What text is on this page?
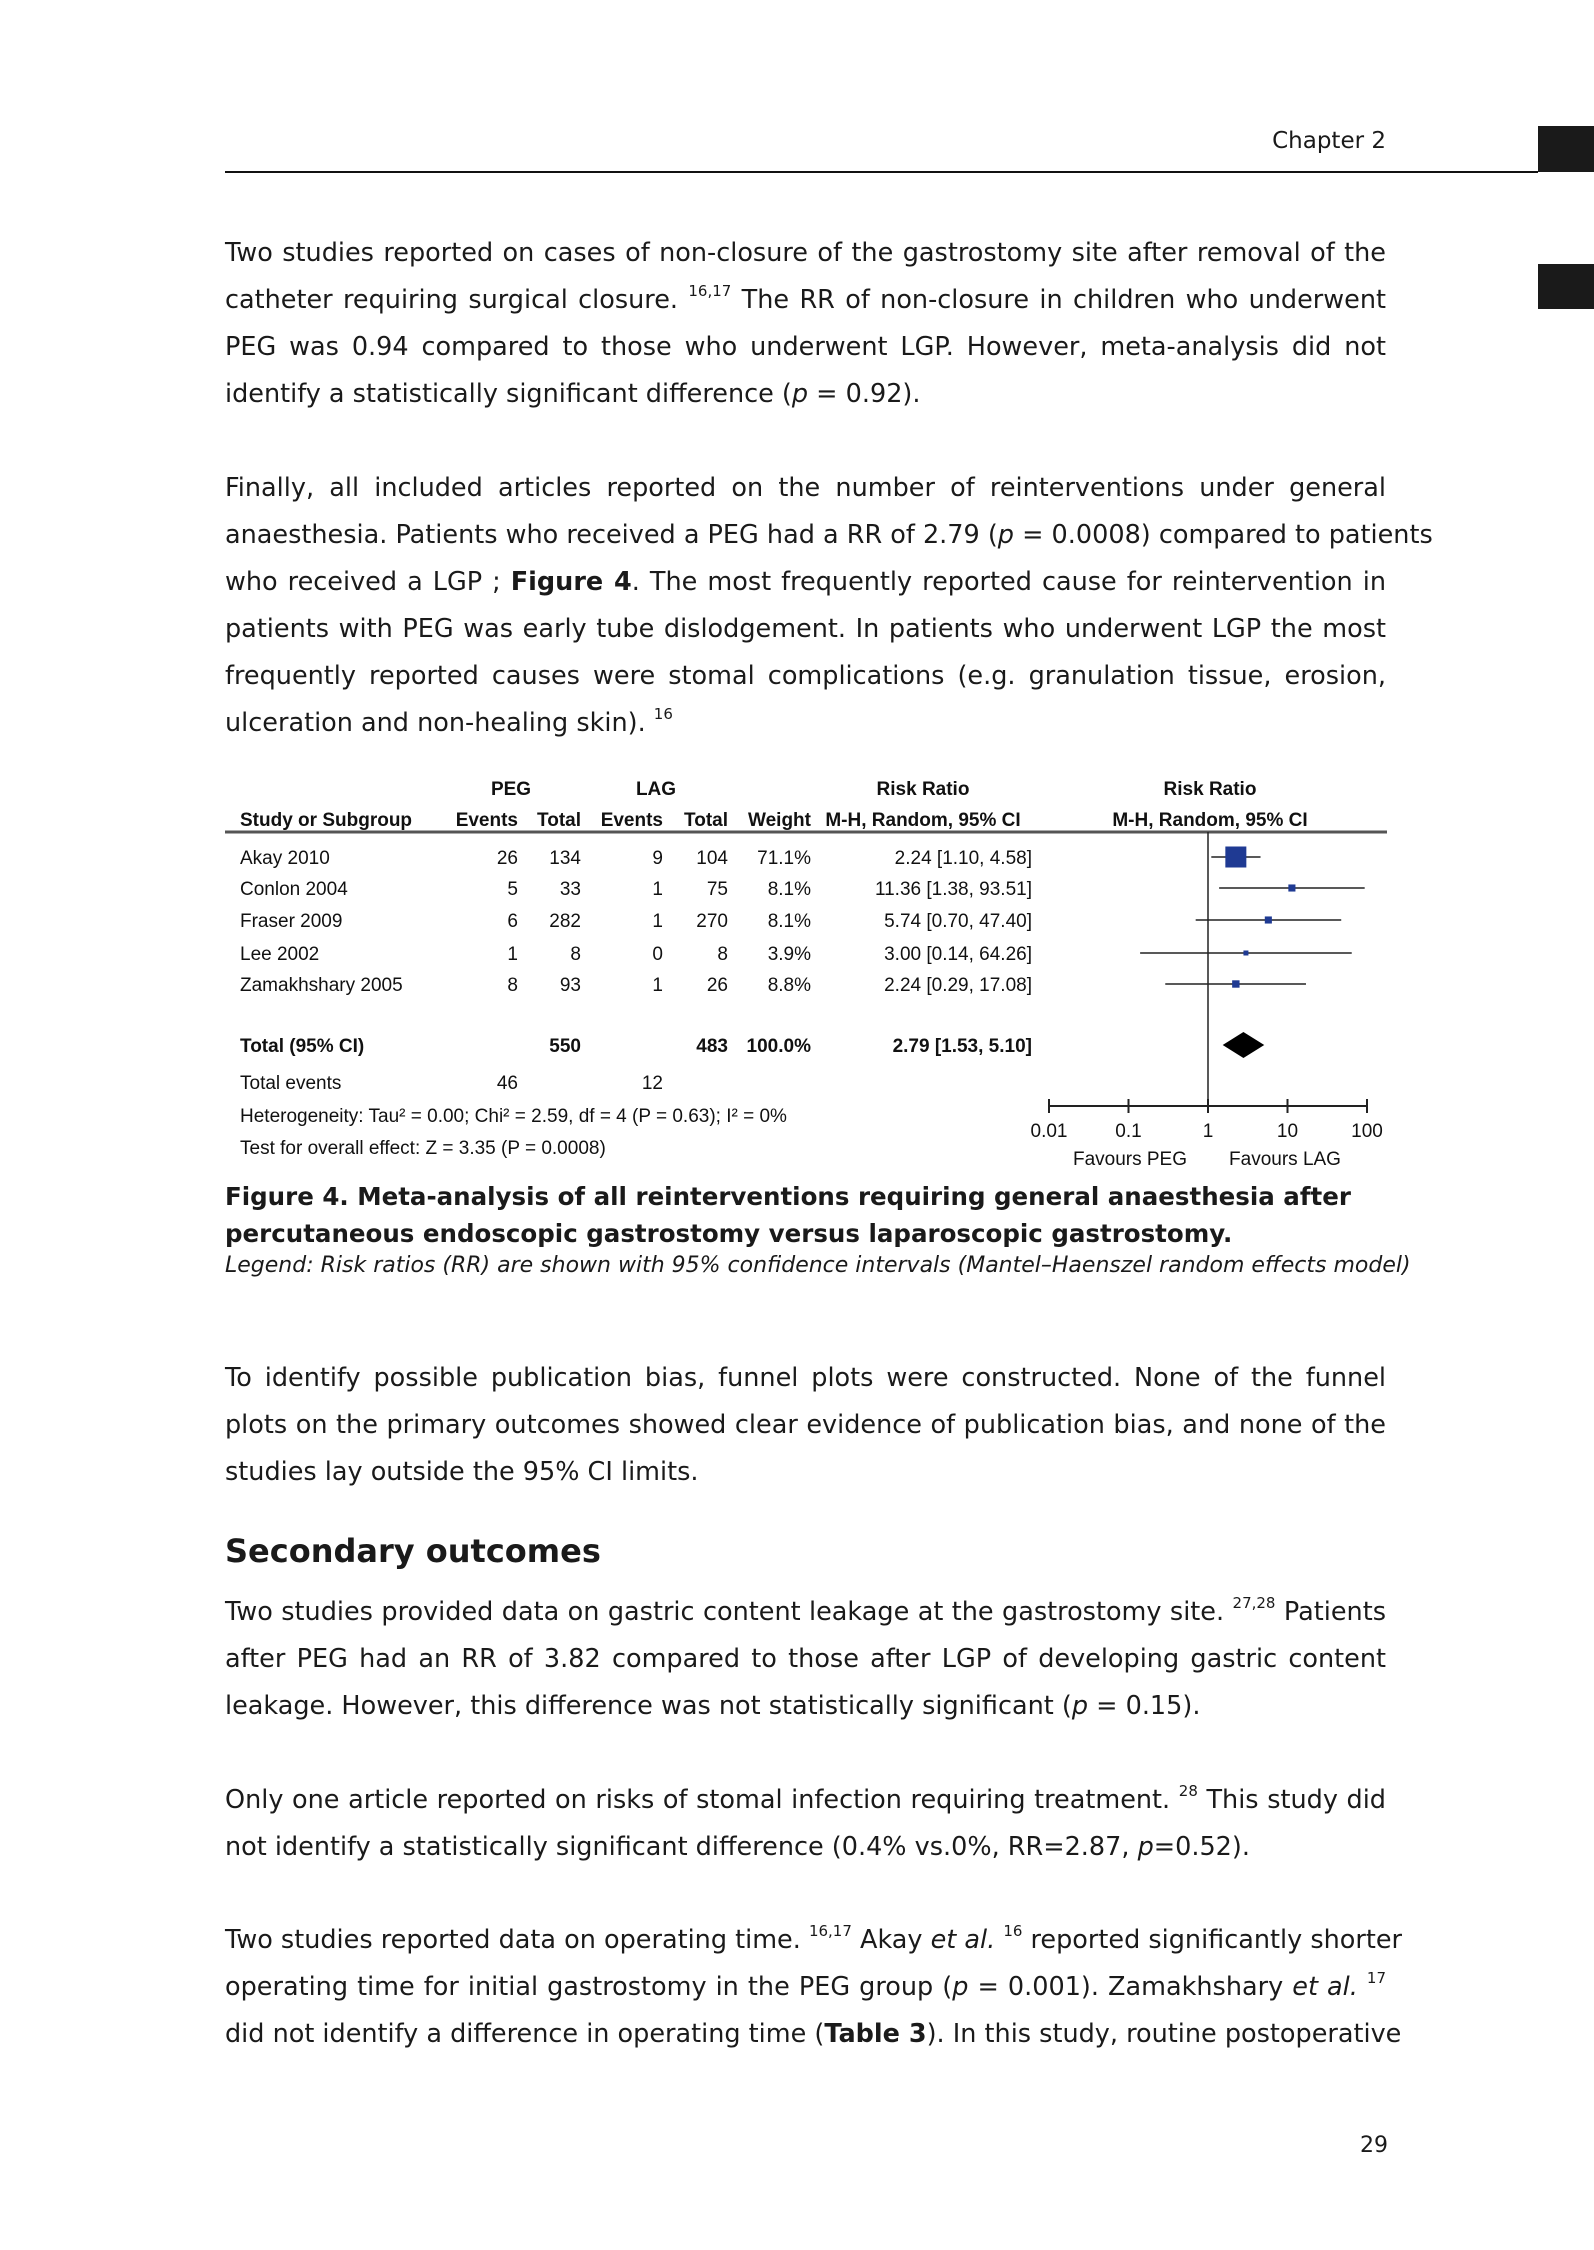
Chapter 2
Two studies reported on cases of non-closure of the gastrostomy site after removal of the
catheter requiring surgical closure. $^{16,17}$ The RR of non-closure in children who underwent
PEG was 0.94 compared to those who underwent LGP. However, meta-analysis did not
identify a statistically significant difference (p = 0.92).
Finally, all included articles reported on the number of reinterventions under general
anaesthesia. Patients who received a PEG had a RR of 2.79 (p = 0.0008) compared to patients
who received a LGP ; Figure 4. The most frequently reported cause for reintervention in
patients with PEG was early tube dislodgement. In patients who underwent LGP the most
frequently reported causes were stomal complications (e.g. granulation tissue, erosion,
ulceration and non-healing skin). $^{16}$
PEG	LAG	Risk Ratio	Risk Ratio
Study or Subgroup Events Total Events Total Weight M-H, Random, 95% CI	M-H, Random, 95% CI
Akay 2010	26 134	9 104 71.1%	2.24 [1.10, 4.58]
Conlon 2004	5 33	1 75 8.1%	11.36 [1.38, 93.51]
Fraser 2009	6 282	1 270 8.1%	5.74 [0.70, 47.40]
Lee 2002	1	8	0	8 3.9%	3.00 [0.14, 64.26]
Zamakhshary 2005	8 93	1 26 8.8%	2.24 [0.29, 17.08]
Total (95% CI)	550	483 100.0%	2.79 [1.53, 5.10]
Total events	46	12
Heterogeneity: Tau² = 0.00; Chi² = 2.59, df = 4 (P = 0.63); I² = 0%
Test for overall effect: Z = 3.35 (P = 0.0008)
Favours PEG Favours LAG
0.01	0.1	1	10	100
Figure 4. Meta-analysis of all reinterventions requiring general anaesthesia after percutaneous endoscopic gastrostomy versus laparoscopic gastrostomy.
Legend: Risk ratios (RR) are shown with 95% confidence intervals (Mantel–Haenszel random effects model)
To identify possible publication bias, funnel plots were constructed. None of the funnel
plots on the primary outcomes showed clear evidence of publication bias, and none of the
studies lay outside the 95% CI limits.
Secondary outcomes
Two studies provided data on gastric content leakage at the gastrostomy site. $^{27,28}$ Patients
after PEG had an RR of 3.82 compared to those after LGP of developing gastric content
leakage. However, this difference was not statistically significant (p = 0.15).
Only one article reported on risks of stomal infection requiring treatment. $^{28}$ This study did
not identify a statistically significant difference (0.4% vs.0%, RR=2.87, p=0.52).
Two studies reported data on operating time. $^{16,17}$ Akay et al. $^{16}$ reported significantly shorter
operating time for initial gastrostomy in the PEG group (p = 0.001). Zamakhshary et al. $^{17}$
did not identify a difference in operating time (Table 3). In this study, routine postoperative
29
